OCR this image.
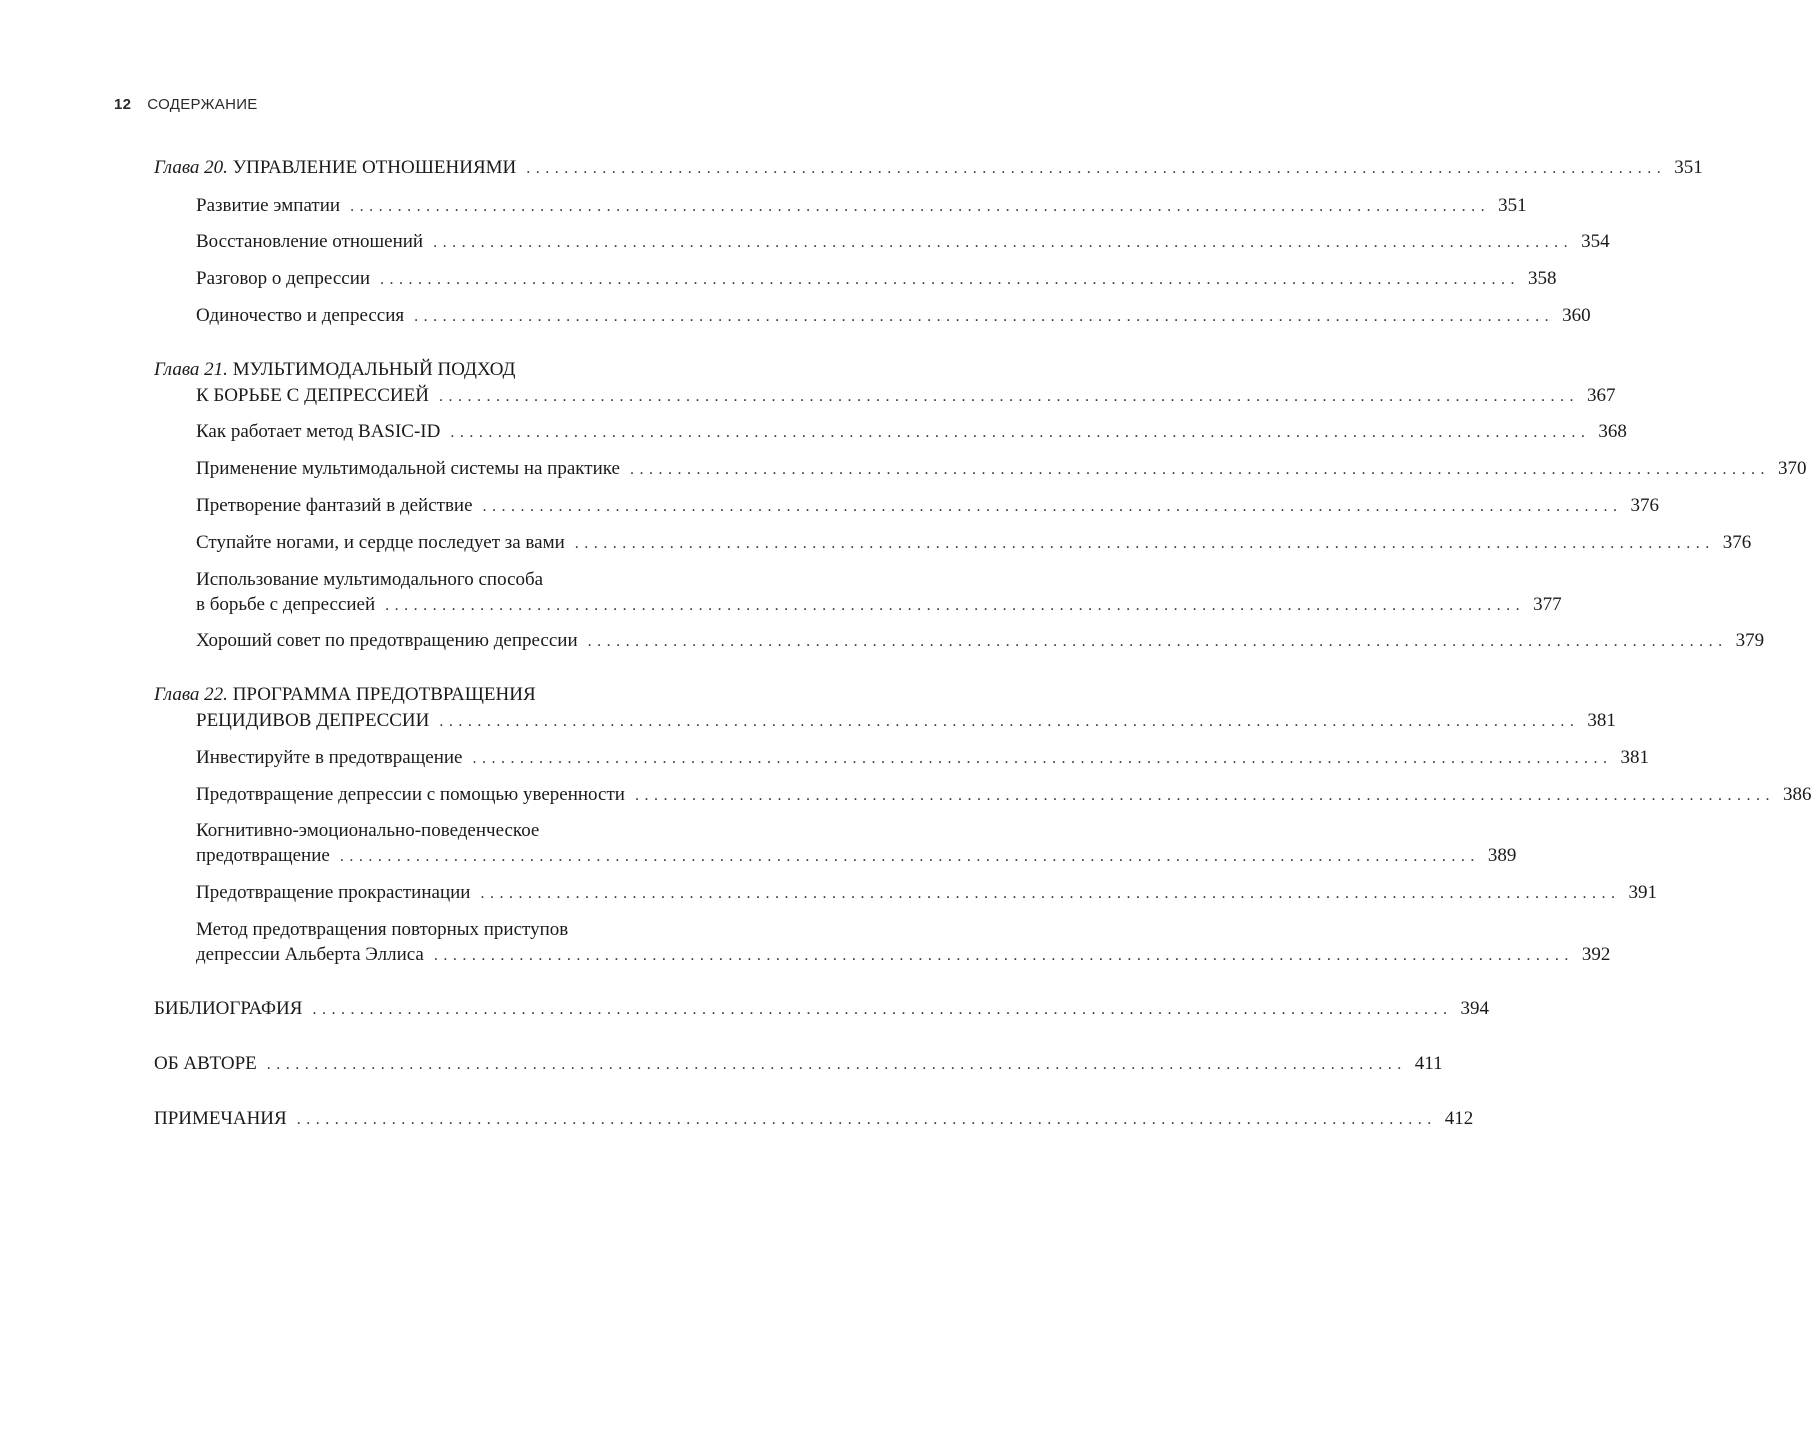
12 СОДЕРЖАНИЕ
Глава 20. УПРАВЛЕНИЕ ОТНОШЕНИЯМИ ........................................................................................................................ 351
Развитие эмпатии ........................................................................................................................ 351
Восстановление отношений ........................................................................................................................ 354
Разговор о депрессии ........................................................................................................................ 358
Одиночество и депрессия ........................................................................................................................ 360
Глава 21. МУЛЬТИМОДАЛЬНЫЙ ПОДХОД
К БОРЬБЕ С ДЕПРЕССИЕЙ ........................................................................................................................ 367
Как работает метод BASIC-ID ........................................................................................................................ 368
Применение мультимодальной системы на практике ........................................................................................................................ 370
Претворение фантазий в действие ........................................................................................................................ 376
Ступайте ногами, и сердце последует за вами ........................................................................................................................ 376
Использование мультимодального способа
в борьбе с депрессией ........................................................................................................................ 377
Хороший совет по предотвращению депрессии ........................................................................................................................ 379
Глава 22. ПРОГРАММА ПРЕДОТВРАЩЕНИЯ
РЕЦИДИВОВ ДЕПРЕССИИ ........................................................................................................................ 381
Инвестируйте в предотвращение ........................................................................................................................ 381
Предотвращение депрессии с помощью уверенности ........................................................................................................................ 386
Когнитивно-эмоционально-поведенческое
предотвращение ........................................................................................................................ 389
Предотвращение прокрастинации ........................................................................................................................ 391
Метод предотвращения повторных приступов
депрессии Альберта Эллиса ........................................................................................................................ 392
БИБЛИОГРАФИЯ ........................................................................................................................ 394
ОБ АВТОРЕ ........................................................................................................................ 411
ПРИМЕЧАНИЯ ........................................................................................................................ 412
